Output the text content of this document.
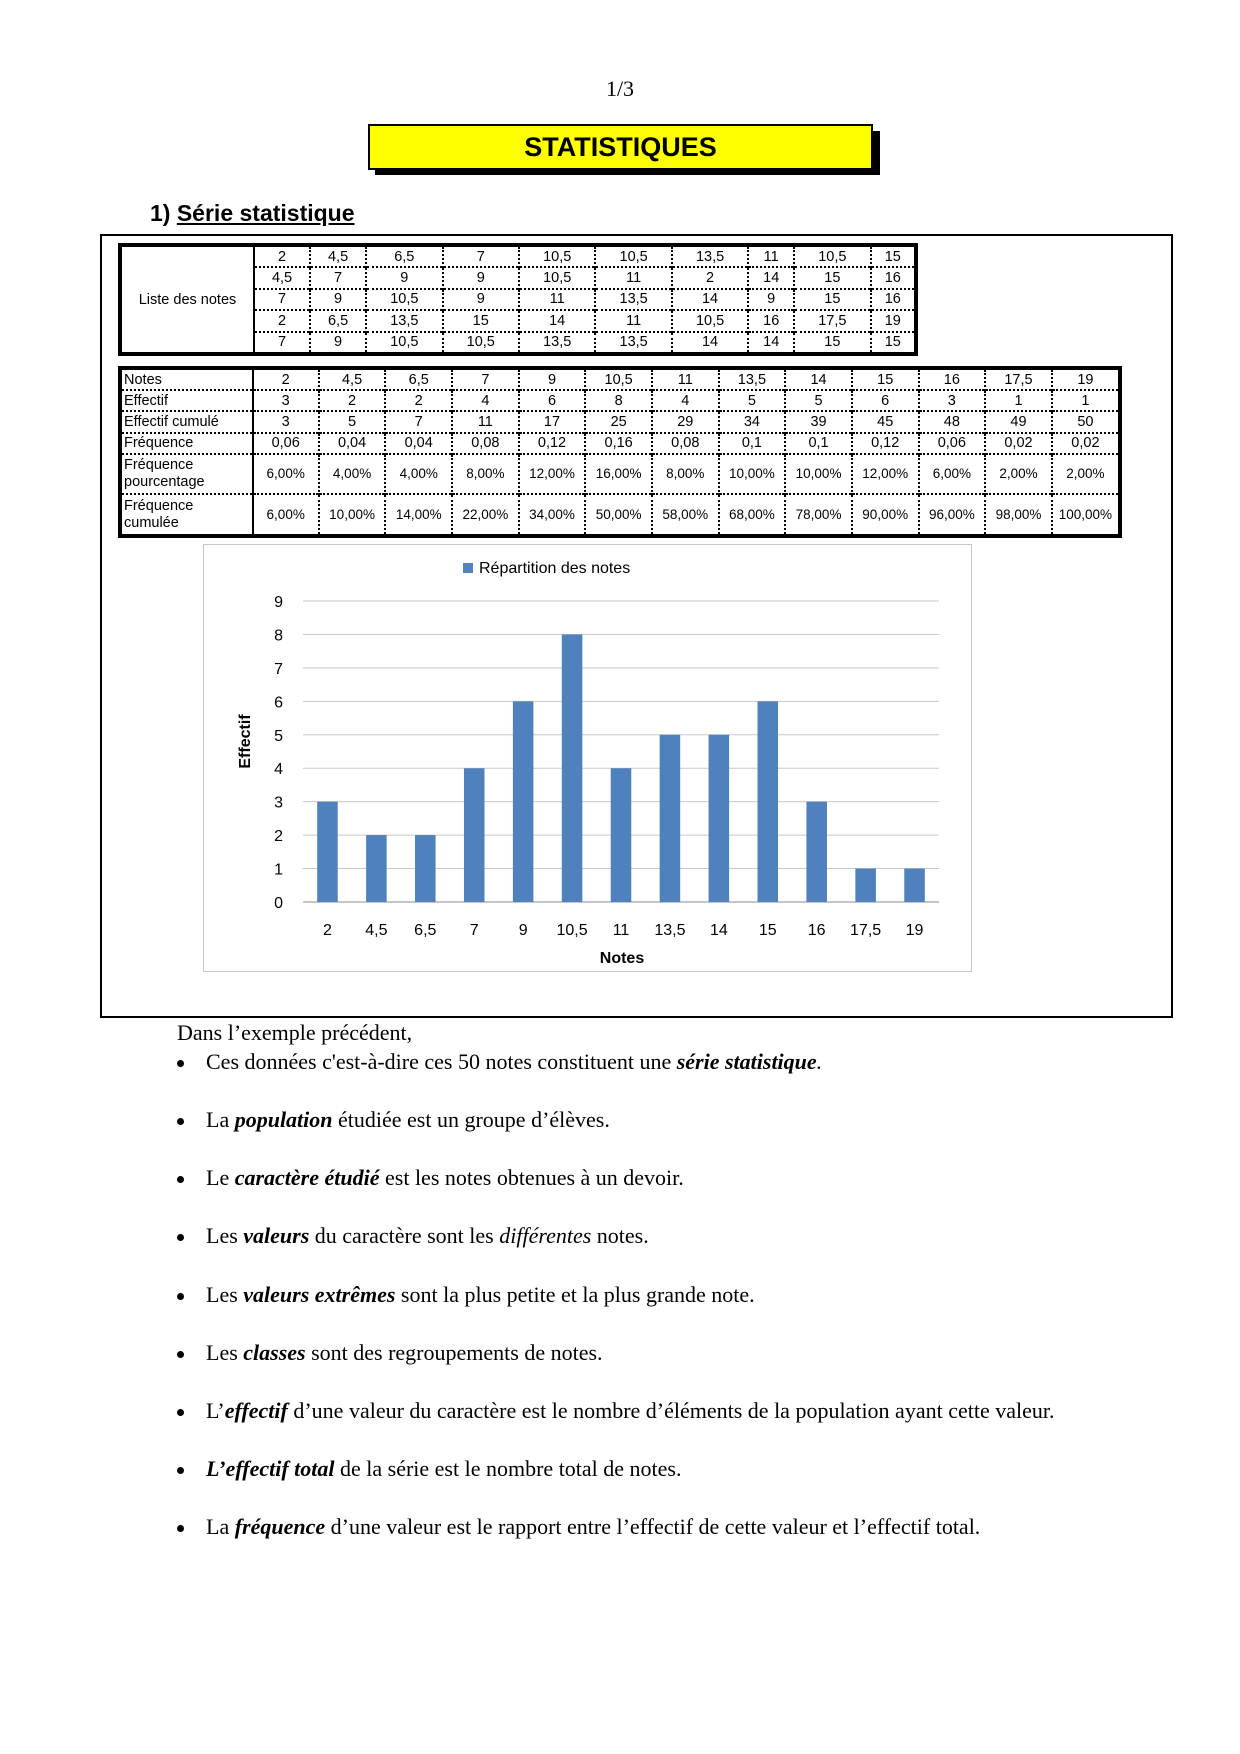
1/3
STATISTIQUES
1) Série statistique
Liste des notes	2	4,5	6,5	7	10,5	10,5	13,5	11	10,5	15
	4,5	7	9	9	10,5	11	2	14	15	16
	7	9	10,5	9	11	13,5	14	9	15	16
	2	6,5	13,5	15	14	11	10,5	16	17,5	19
	7	9	10,5	10,5	13,5	13,5	14	14	15	15
Notes	2	4,5	6,5	7	9	10,5	11	13,5	14	15	16	17,5	19
Effectif	3	2	2	4	6	8	4	5	5	6	3	1	1
Effectif cumulé	3	5	7	11	17	25	29	34	39	45	48	49	50
Fréquence	0,06	0,04	0,04	0,08	0,12	0,16	0,08	0,1	0,1	0,12	0,06	0,02	0,02

Fréquence
pourcentage	6,00%	4,00%	4,00%	8,00%	12,00%	16,00%	8,00%	10,00%	10,00%	12,00%	6,00%	2,00%	2,00%

Fréquence
cumulée	6,00%	10,00%	14,00%	22,00%	34,00%	50,00%	58,00%	68,00%	78,00%	90,00%	96,00%	98,00%	100,00%
0
1
2
3
4
5
6
7
8
9
2 4,5 6,5 7	9 10,5 11 13,5 14 15 16 17,5 19
Notes
Effectif
Répartition des notes
Dans l’exemple précédent,
Ces données c'est-à-dire ces 50 notes constituent une série statistique.
La population étudiée est un groupe d’élèves.
Le caractère étudié est les notes obtenues à un devoir.
Les valeurs du caractère sont les différentes notes.
Les valeurs extrêmes sont la plus petite et la plus grande note.
Les classes sont des regroupements de notes.
L’effectif d’une valeur du caractère est le nombre d’éléments de la population ayant cette valeur.
L’effectif total de la série est le nombre total de notes.
La fréquence d’une valeur est le rapport entre l’effectif de cette valeur et l’effectif total.
